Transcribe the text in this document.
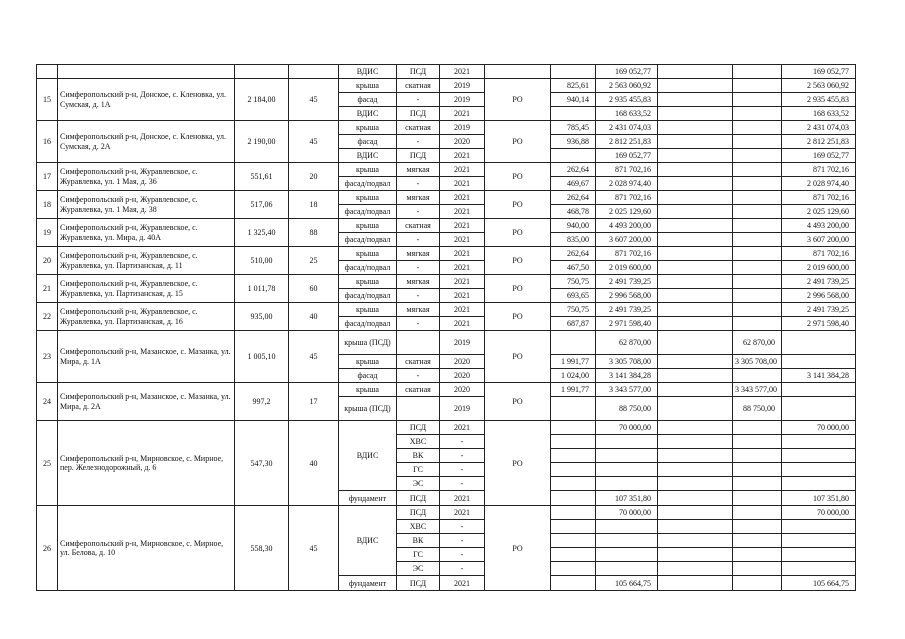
				ВДИС	ПСД	2021			169 052,77			169 052,77
15	Симферопольский р-н, Донское, с. Кленовка, ул. Сумская, д. 1А	2 184,00	45	крыша	скатная	2019	РО	825,61	2 563 060,92			2 563 060,92
				фасад	-	2019		940,14	2 935 455,83			2 935 455,83
				ВДИС	ПСД	2021			168 633,52			168 633,52
16	Симферопольский р-н, Донское, с. Кленовка, ул. Сумская, д. 2А	2 190,00	45	крыша	скатная	2019	РО	785,45	2 431 074,03			2 431 074,03
				фасад	-	2020		936,88	2 812 251,83			2 812 251,83
				ВДИС	ПСД	2021			169 052,77			169 052,77
17	Симферопольский р-н, Журавлевское, с. Журавлевка, ул. 1 Мая, д. 36	551,61	20	крыша	мягкая	2021	РО	262,64	871 702,16			871 702,16
				фасад/подвал	-	2021		469,67	2 028 974,40			2 028 974,40
18	Симферопольский р-н, Журавлевское, с. Журавлевка, ул. 1 Мая, д. 38	517,06	18	крыша	мягкая	2021	РО	262,64	871 702,16			871 702,16
				фасад/подвал	-	2021		468,78	2 025 129,60			2 025 129,60
19	Симферопольский р-н, Журавлевское, с. Журавлевка, ул. Мира, д. 40А	1 325,40	88	крыша	скатная	2021	РО	940,00	4 493 200,00			4 493 200,00
				фасад/подвал	-	2021		835,00	3 607 200,00			3 607 200,00
20	Симферопольский р-н, Журавлевское, с. Журавлевка, ул. Партизанская, д. 11	510,00	25	крыша	мягкая	2021	РО	262,64	871 702,16			871 702,16
				фасад/подвал	-	2021		467,50	2 019 600,00			2 019 600,00
21	Симферопольский р-н, Журавлевское, с. Журавлевка, ул. Партизанская, д. 15	1 011,78	60	крыша	мягкая	2021	РО	750,75	2 491 739,25			2 491 739,25
				фасад/подвал	-	2021		693,65	2 996 568,00			2 996 568,00
22	Симферопольский р-н, Журавлевское, с. Журавлевка, ул. Партизанская, д. 16	935,00	40	крыша	мягкая	2021	РО	750,75	2 491 739,25			2 491 739,25
				фасад/подвал	-	2021		687,87	2 971 598,40			2 971 598,40
23	Симферопольский р-н, Мазанское, с. Мазанка, ул. Мира, д. 1А	1 005,10	45	крыша (ПСД)		2019	РО		62 870,00		62 870,00	
				крыша	скатная	2020		1 991,77	3 305 708,00		3 305 708,00	
				фасад	-	2020		1 024,00	3 141 384,28			3 141 384,28
24	Симферопольский р-н, Мазанское, с. Мазанка, ул. Мира, д. 2А	997,2	17	крыша	скатная	2020	РО	1 991,77	3 343 577,00		3 343 577,00	
				крыша (ПСД)		2019			88 750,00		88 750,00	
25	Симферопольский р-н, Мирновское, с. Мирное, пер. Железнодорожный, д. 6	547,30	40	ВДИС	ПСД	2021	РО		70 000,00			70 000,00
					ХВС	-						
					ВК	-						
					ГС	-						
					ЭС	-						
				фундамент	ПСД	2021			107 351,80			107 351,80
26	Симферопольский р-н, Мирновское, с. Мирное, ул. Белова, д. 10	558,30	45	ВДИС	ПСД	2021	РО		70 000,00			70 000,00
					ХВС	-						
					ВК	-						
					ГС	-						
					ЭС	-						
				фундамент	ПСД	2021			105 664,75			105 664,75
